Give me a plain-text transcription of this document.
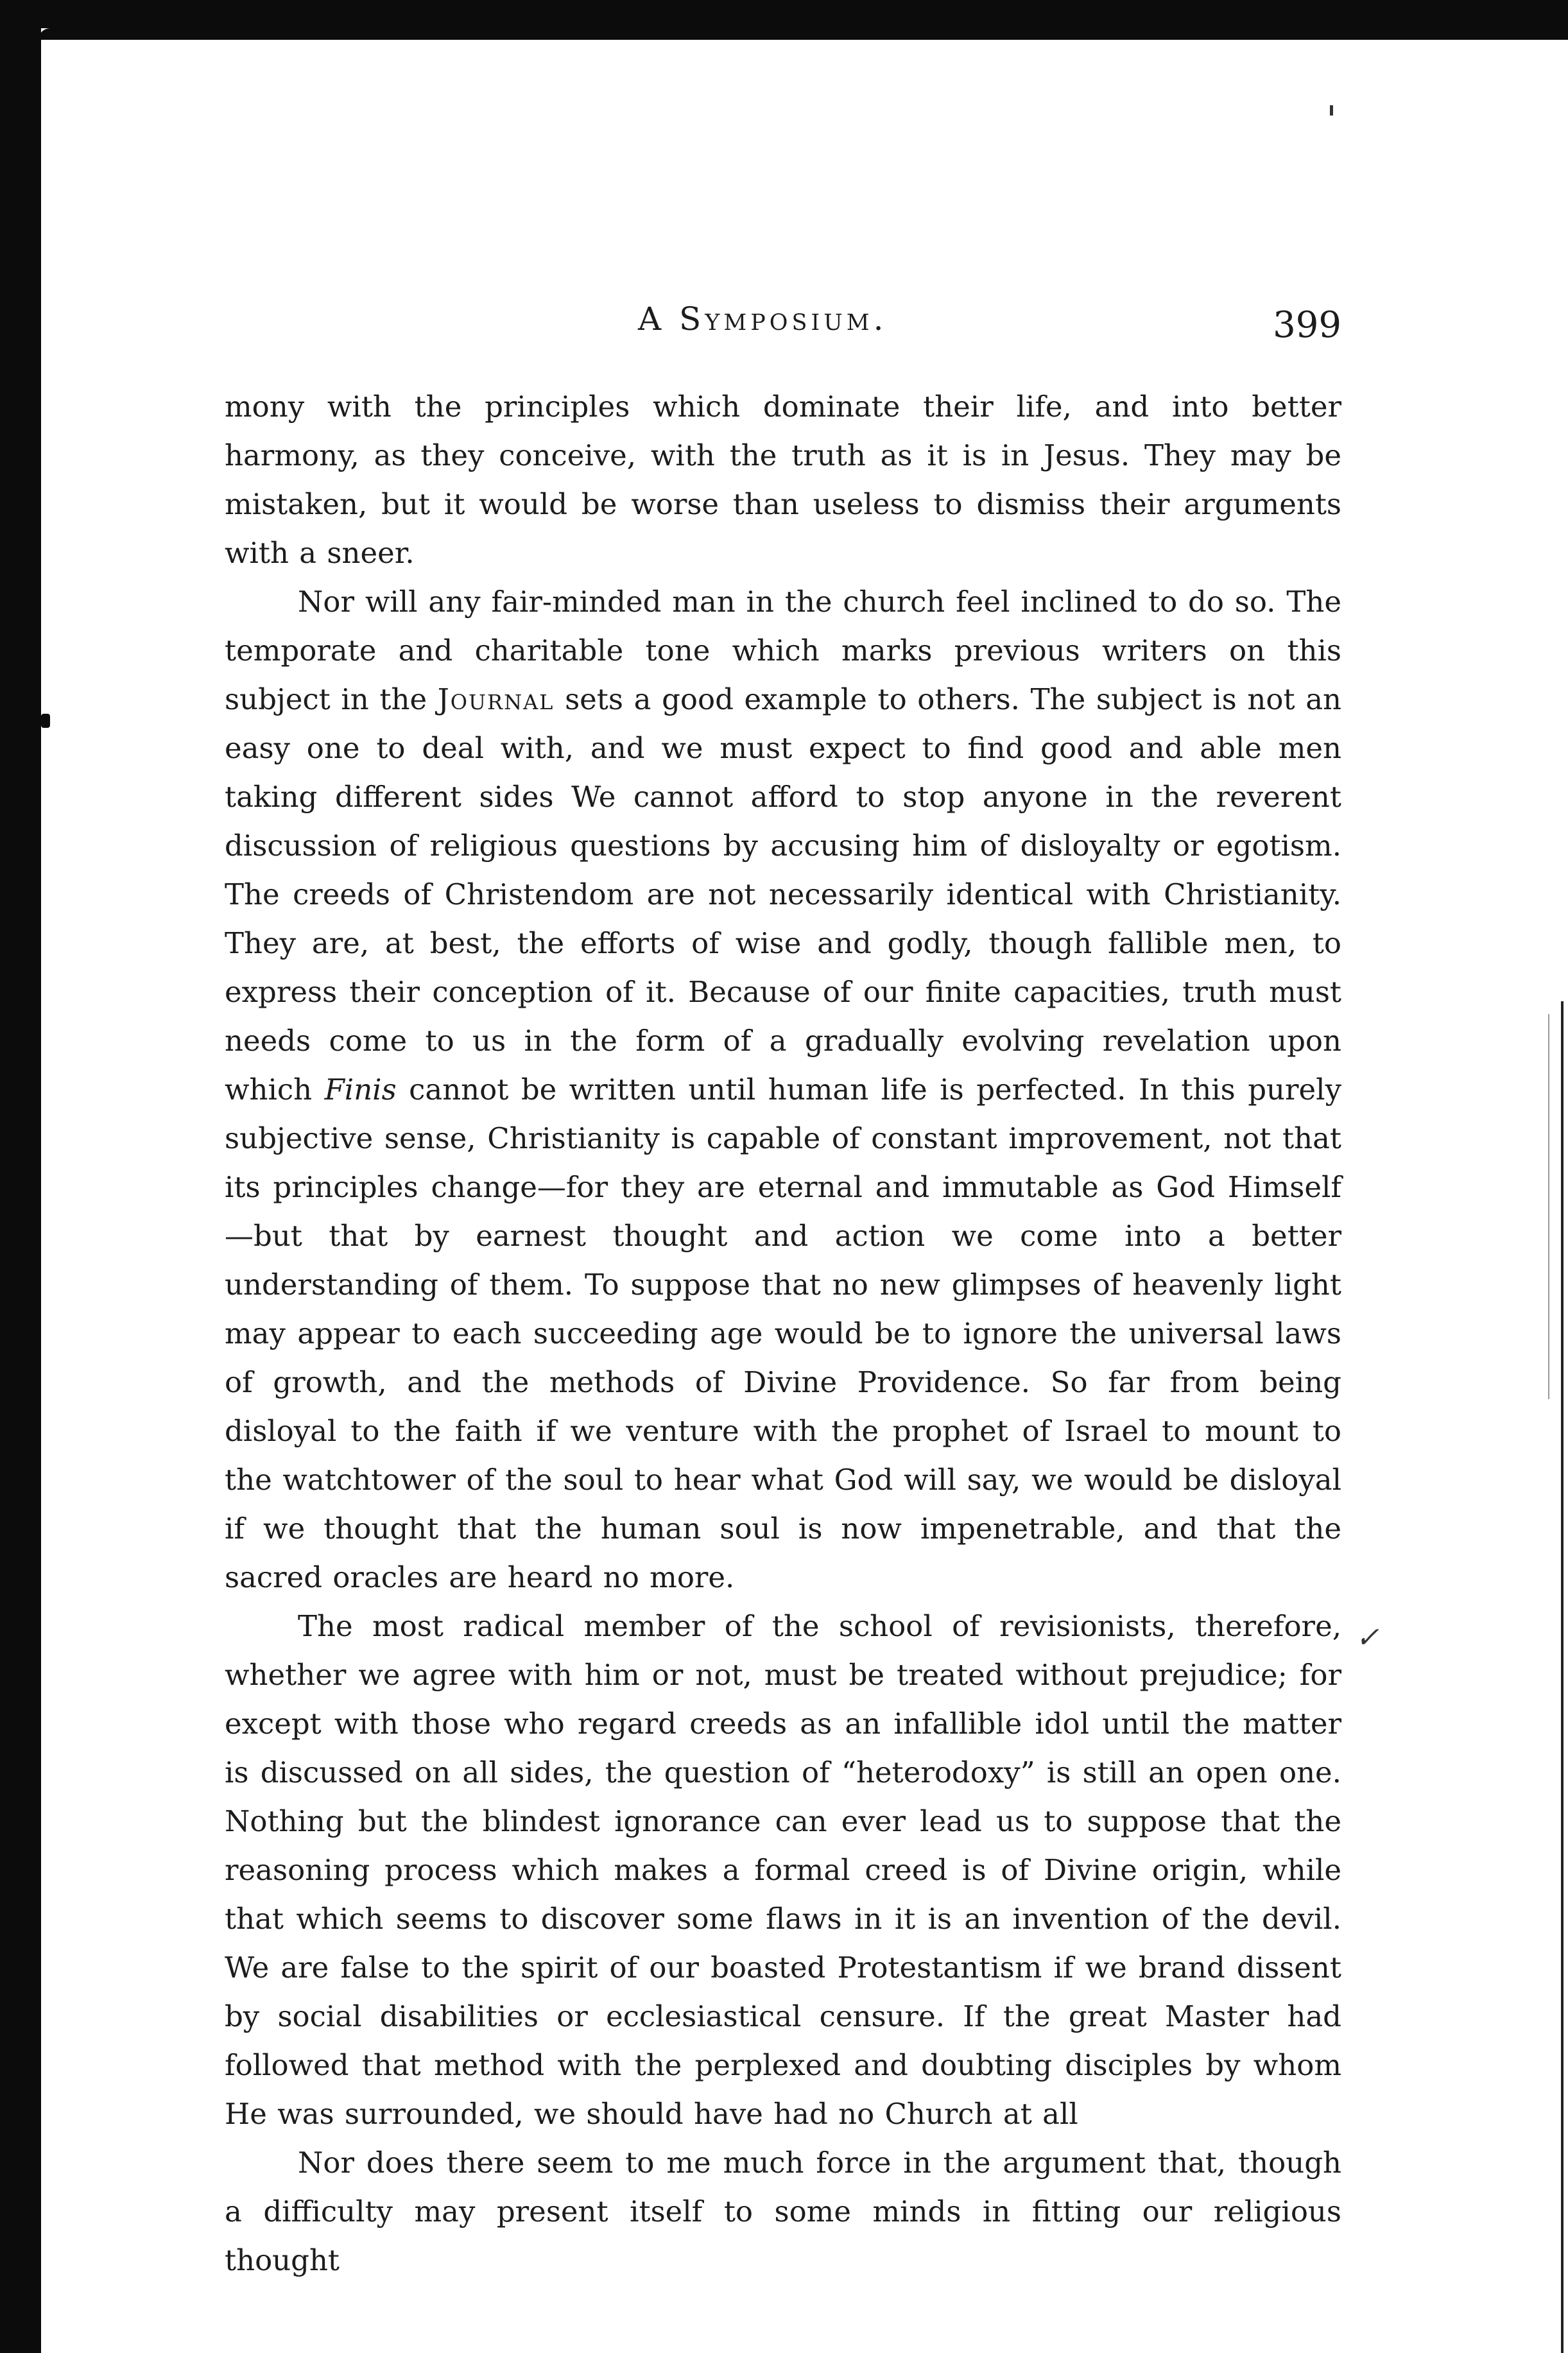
A Symposium.	399

mony with the principles which dominate their life, and into better harmony, as they conceive, with the truth as it is in Jesus. They may be mistaken, but it would be worse than useless to dismiss their arguments with a sneer.

Nor will any fair-minded man in the church feel inclined to do so. The temporate and charitable tone which marks previous writers on this subject in the Journal sets a good example to others. The subject is not an easy one to deal with, and we must expect to find good and able men taking different sides We cannot afford to stop anyone in the reverent discussion of religious questions by accusing him of disloyalty or egotism. The creeds of Christendom are not necessarily identical with Christianity. They are, at best, the efforts of wise and godly, though fallible men, to express their conception of it. Because of our finite capacities, truth must needs come to us in the form of a gradually evolving revelation upon which Finis cannot be written until human life is perfected. In this purely subjective sense, Christianity is capable of constant improvement, not that its principles change—for they are eternal and immutable as God Himself—but that by earnest thought and action we come into a better understanding of them. To suppose that no new glimpses of heavenly light may appear to each succeeding age would be to ignore the universal laws of growth, and the methods of Divine Providence. So far from being disloyal to the faith if we venture with the prophet of Israel to mount to the watchtower of the soul to hear what God will say, we would be disloyal if we thought that the human soul is now impenetrable, and that the sacred oracles are heard no more.

The most radical member of the school of revisionists, therefore, whether we agree with him or not, must be treated without prejudice; for except with those who regard creeds as an infallible idol until the matter is discussed on all sides, the question of “heterodoxy” is still an open one. Nothing but the blindest ignorance can ever lead us to suppose that the reasoning process which makes a formal creed is of Divine origin, while that which seems to discover some flaws in it is an invention of the devil. We are false to the spirit of our boasted Protestantism if we brand dissent by social disabilities or ecclesiastical censure. If the great Master had followed that method with the perplexed and doubting disciples by whom He was surrounded, we should have had no Church at all

Nor does there seem to me much force in the argument that, though a difficulty may present itself to some minds in fitting our religious thought

✓
